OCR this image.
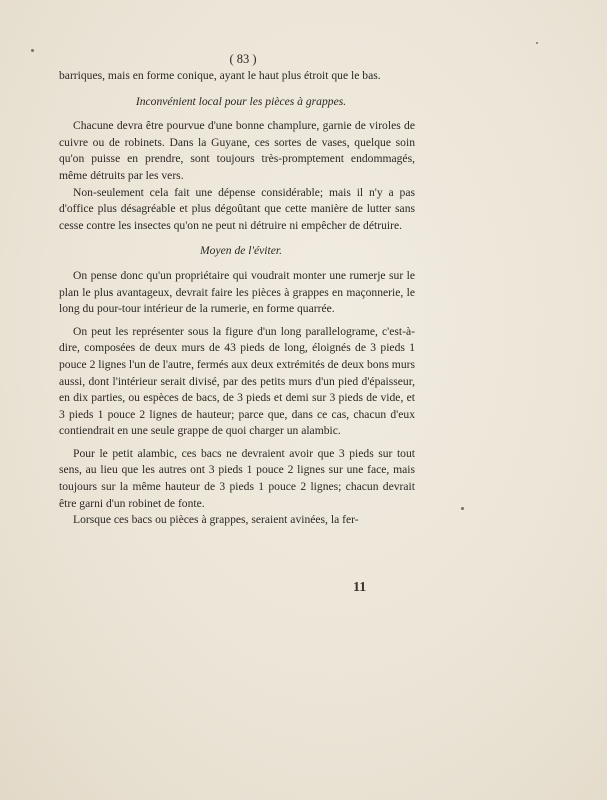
( 83 )

barriques, mais en forme conique, ayant le haut plus étroit que le bas.

Inconvénient local pour les pièces à grappes.

Chacune devra être pourvue d'une bonne champlure, garnie de viroles de cuivre ou de robinets. Dans la Guyane, ces sortes de vases, quelque soin qu'on puisse en prendre, sont toujours très-promptement endommagés, même détruits par les vers.

Non-seulement cela fait une dépense considérable; mais il n'y a pas d'office plus désagréable et plus dégoûtant que cette manière de lutter sans cesse contre les insectes qu'on ne peut ni détruire ni empêcher de détruire.

Moyen de l'éviter.

On pense donc qu'un propriétaire qui voudrait monter une rumerje sur le plan le plus avantageux, devrait faire les pièces à grappes en maçonnerie, le long du pour-tour intérieur de la rumerie, en forme quarrée.

On peut les représenter sous la figure d'un long parallelograme, c'est-à-dire, composées de deux murs de 43 pieds de long, éloignés de 3 pieds 1 pouce 2 lignes l'un de l'autre, fermés aux deux extrémités de deux bons murs aussi, dont l'intérieur serait divisé, par des petits murs d'un pied d'épaisseur, en dix parties, ou espèces de bacs, de 3 pieds et demi sur 3 pieds de vide, et 3 pieds 1 pouce 2 lignes de hauteur; parce que, dans ce cas, chacun d'eux contiendrait en une seule grappe de quoi charger un alambic.

Pour le petit alambic, ces bacs ne devraient avoir que 3 pieds sur tout sens, au lieu que les autres ont 3 pieds 1 pouce 2 lignes sur une face, mais toujours sur la même hauteur de 3 pieds 1 pouce 2 lignes; chacun devrait être garni d'un robinet de fonte.

Lorsque ces bacs ou pièces à grappes, seraient avinées, la fer-

11
